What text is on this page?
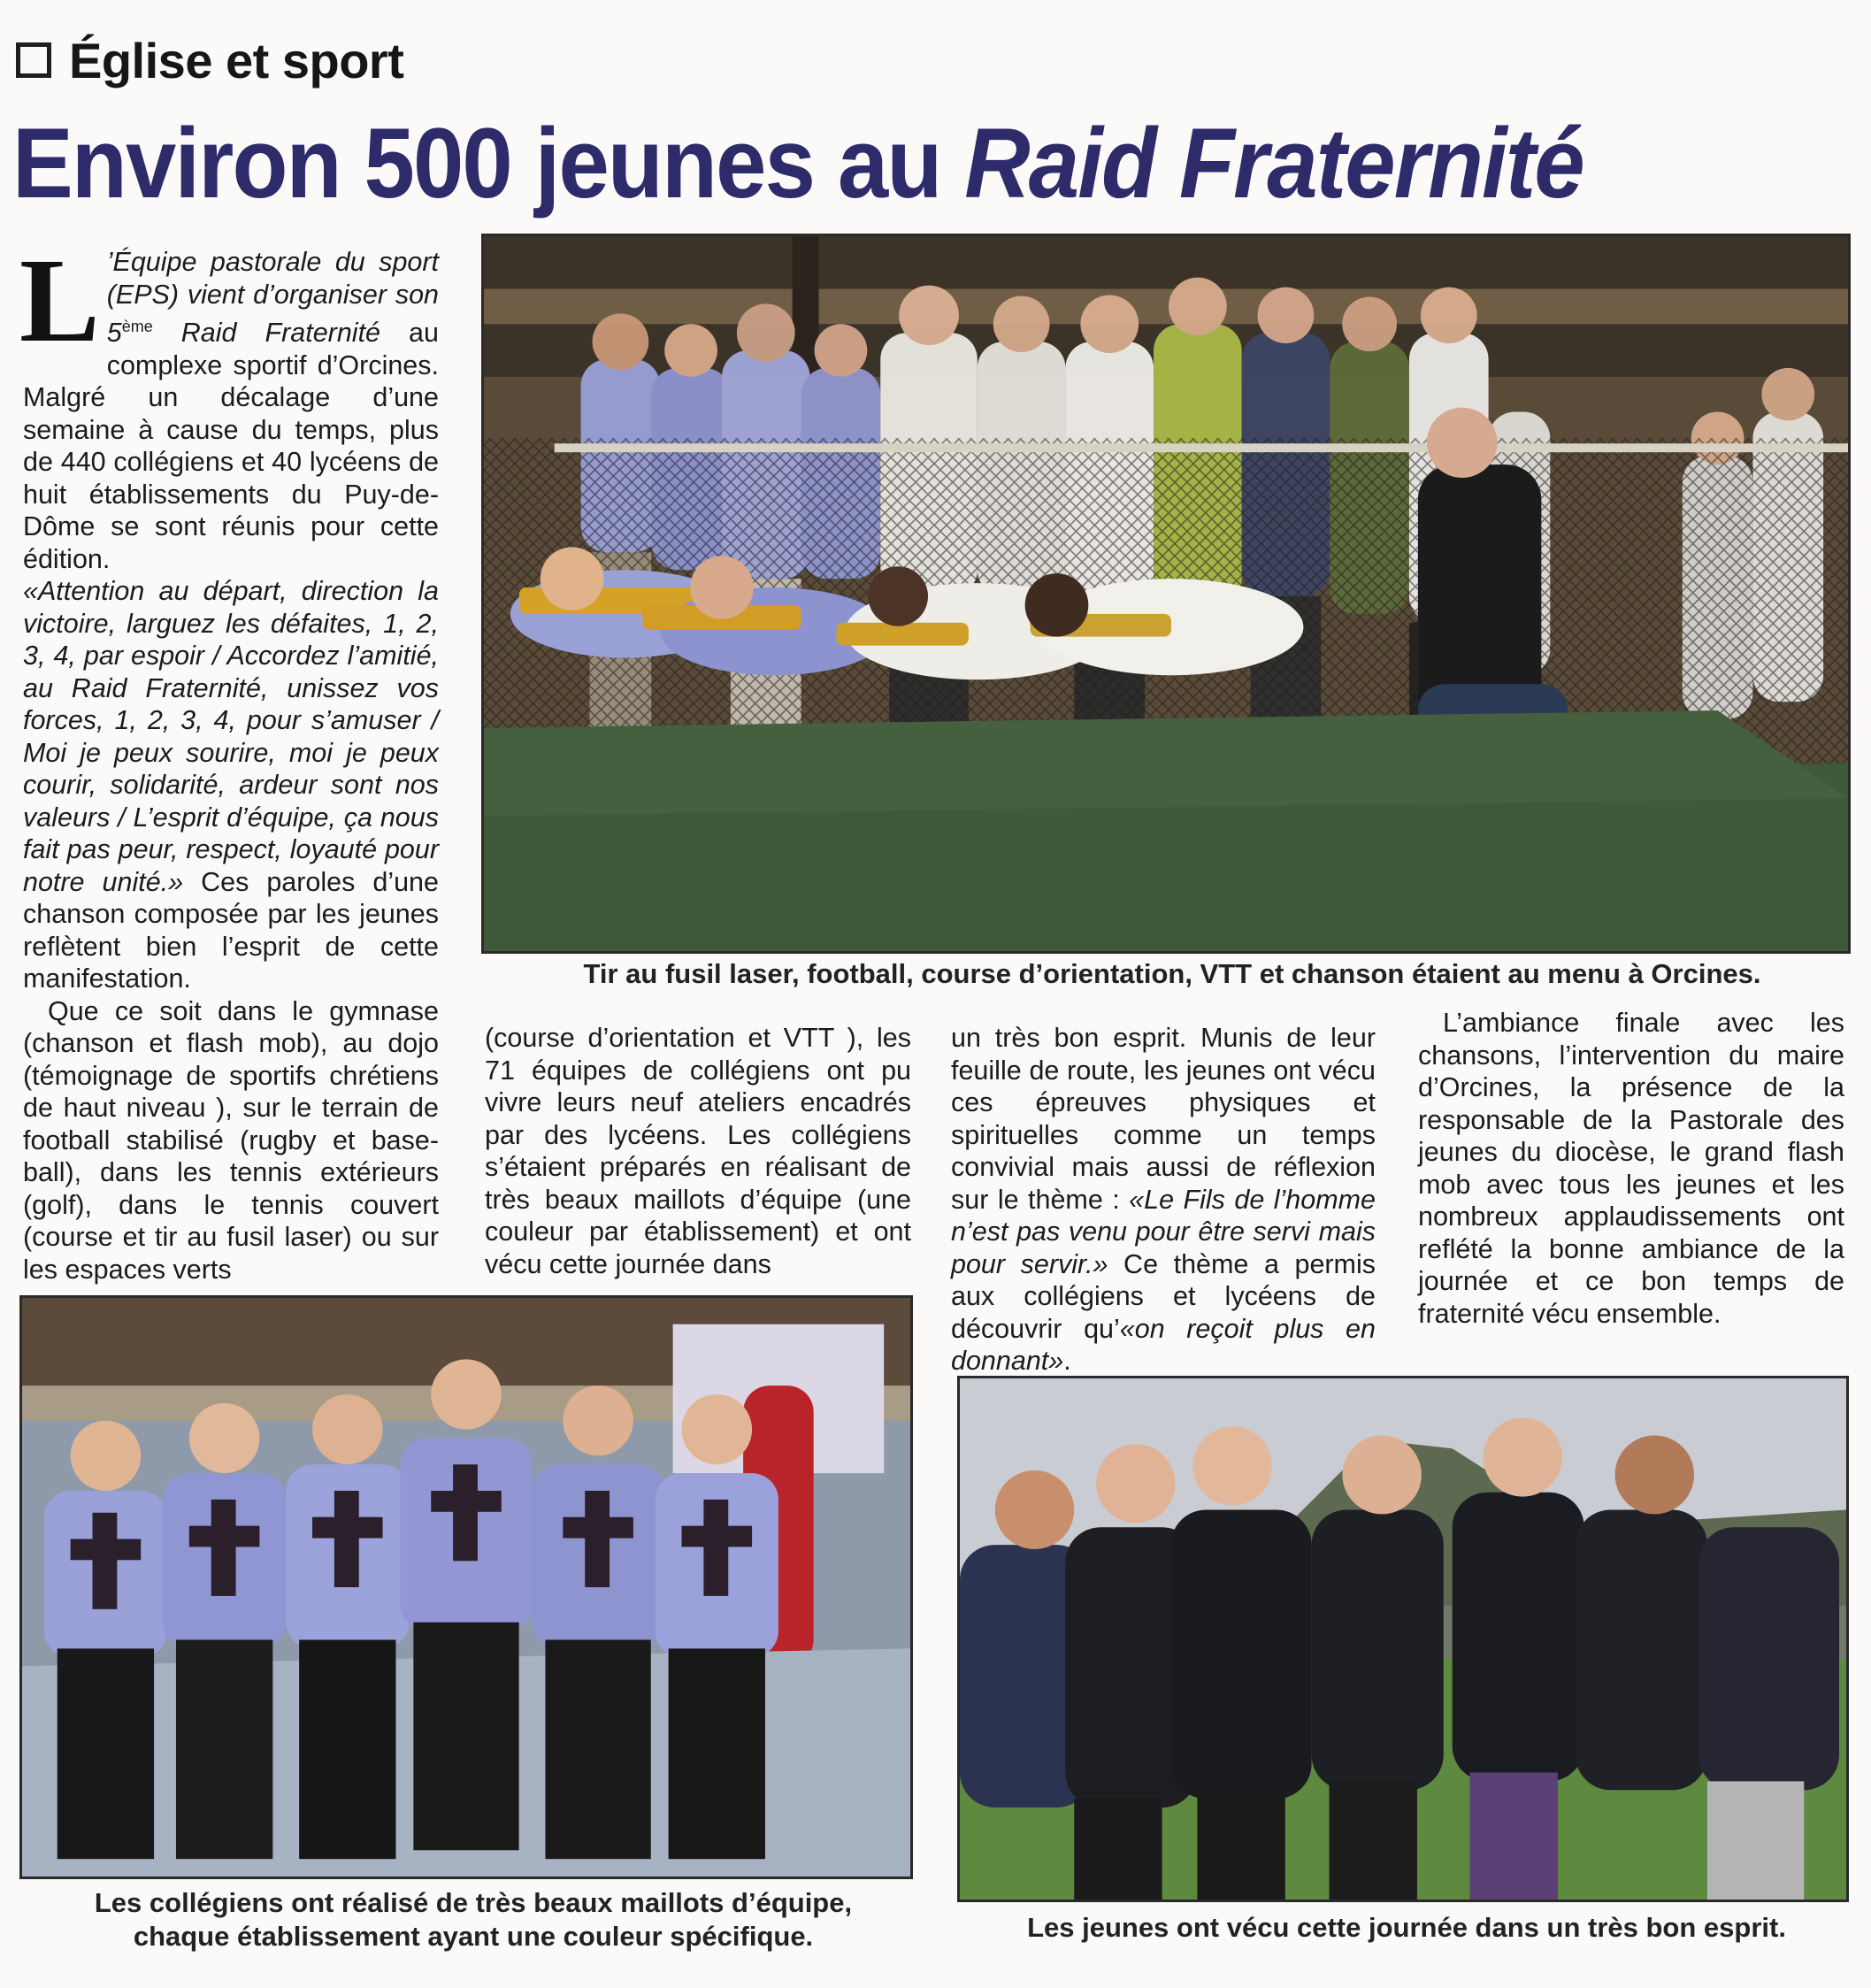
Église et sport
Environ 500 jeunes au Raid Fraternité

L ’Équipe pastorale du sport (EPS) vient d’organiser son 5ème Raid Fraternité au complexe sportif d’Orcines. Malgré un décalage d’une semaine à cause du temps, plus de 440 collégiens et 40 lycéens de huit établissements du Puy-de-Dôme se sont réunis pour cette édition.

«Attention au départ, direction la victoire, larguez les défaites, 1, 2, 3, 4, par espoir / Accordez l’amitié, au Raid Fraternité, unissez vos forces, 1, 2, 3, 4, pour s’amuser / Moi je peux sourire, moi je peux courir, solidarité, ardeur sont nos valeurs / L’esprit d’équipe, ça nous fait pas peur, respect, loyauté pour notre unité.» Ces paroles d’une chanson composée par les jeunes reflètent bien l’esprit de cette manifestation.

Que ce soit dans le gymnase (chanson et flash mob), au dojo (témoignage de sportifs chrétiens de haut niveau ), sur le terrain de football stabilisé (rugby et base-ball), dans les tennis extérieurs (golf), dans le tennis couvert (course et tir au fusil laser) ou sur les espaces verts

(course d’orientation et VTT ), les 71 équipes de collégiens ont pu vivre leurs neuf ateliers encadrés par des lycéens. Les collégiens s’étaient préparés en réalisant de très beaux maillots d’équipe (une couleur par établissement) et ont vécu cette journée dans

un très bon esprit. Munis de leur feuille de route, les jeunes ont vécu ces épreuves physiques et spirituelles comme un temps convivial mais aussi de réflexion sur le thème : «Le Fils de l’homme n’est pas venu pour être servi mais pour servir.» Ce thème a permis aux collégiens et lycéens de découvrir qu’«on reçoit plus en donnant».

L’ambiance finale avec les chansons, l’intervention du maire d’Orcines, la présence de la responsable de la Pastorale des jeunes du diocèse, le grand flash mob avec tous les jeunes et les nombreux applaudissements ont reflété la bonne ambiance de la journée et ce bon temps de fraternité vécu ensemble.

Tir au fusil laser, football, course d’orientation, VTT et chanson étaient au menu à Orcines.
Les collégiens ont réalisé de très beaux maillots d’équipe,
chaque établissement ayant une couleur spécifique.	Les jeunes ont vécu cette journée dans un très bon esprit.
